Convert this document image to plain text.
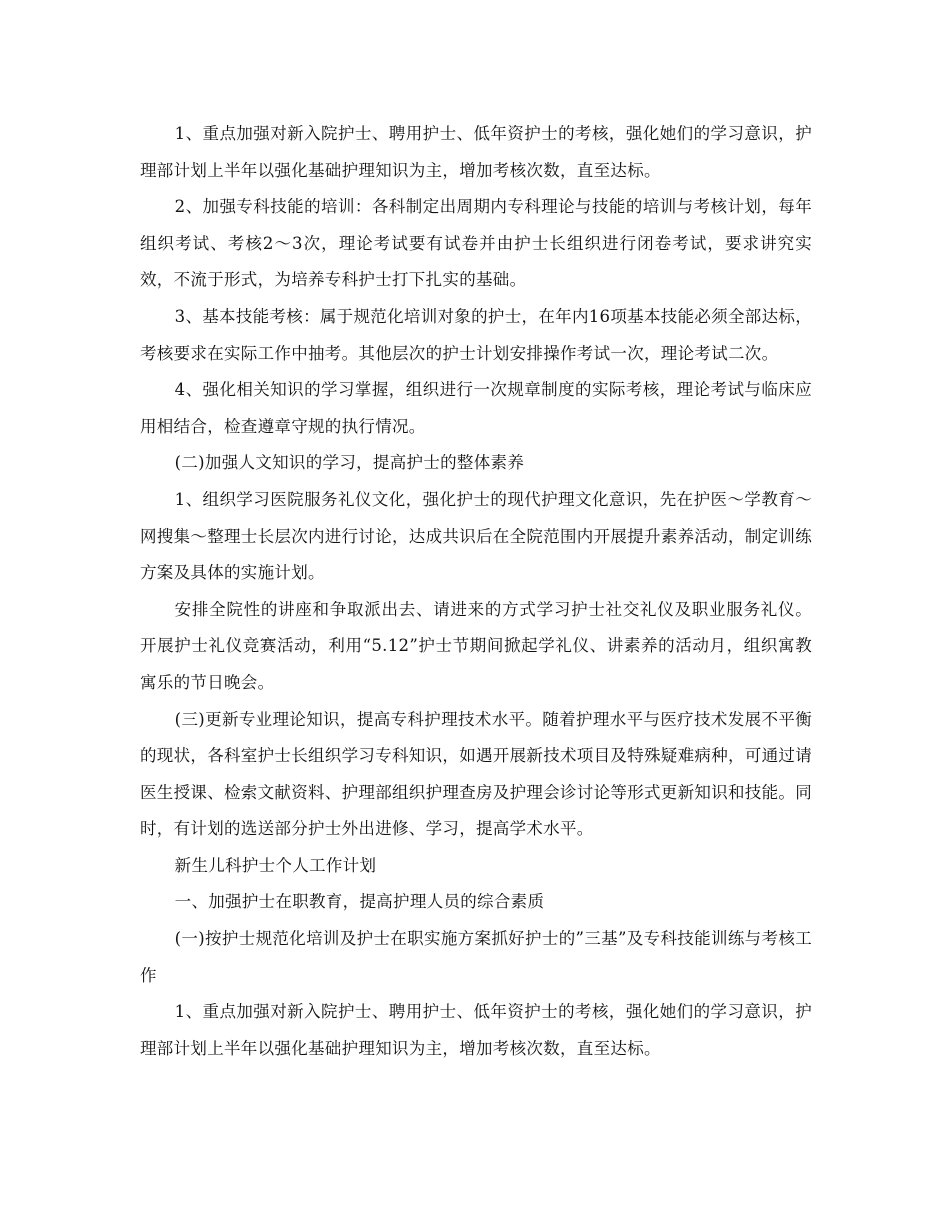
1、重点加强对新入院护士、聘用护士、低年资护士的考核，强化她们的学习意识，护理部计划上半年以强化基础护理知识为主，增加考核次数，直至达标。

2、加强专科技能的培训：各科制定出周期内专科理论与技能的培训与考核计划，每年组织考试、考核2～3次，理论考试要有试卷并由护士长组织进行闭卷考试，要求讲究实效，不流于形式，为培养专科护士打下扎实的基础。

3、基本技能考核：属于规范化培训对象的护士，在年内16项基本技能必须全部达标，考核要求在实际工作中抽考。其他层次的护士计划安排操作考试一次，理论考试二次。

4、强化相关知识的学习掌握，组织进行一次规章制度的实际考核，理论考试与临床应用相结合，检查遵章守规的执行情况。

(二)加强人文知识的学习，提高护士的整体素养

1、组织学习医院服务礼仪文化，强化护士的现代护理文化意识，先在护医～学教育～网搜集～整理士长层次内进行讨论，达成共识后在全院范围内开展提升素养活动，制定训练方案及具体的实施计划。

安排全院性的讲座和争取派出去、请进来的方式学习护士社交礼仪及职业服务礼仪。开展护士礼仪竞赛活动，利用“5.12”护士节期间掀起学礼仪、讲素养的活动月，组织寓教寓乐的节日晚会。

(三)更新专业理论知识，提高专科护理技术水平。随着护理水平与医疗技术发展不平衡的现状，各科室护士长组织学习专科知识，如遇开展新技术项目及特殊疑难病种，可通过请医生授课、检索文献资料、护理部组织护理查房及护理会诊讨论等形式更新知识和技能。同时，有计划的选送部分护士外出进修、学习，提高学术水平。

新生儿科护士个人工作计划

一、加强护士在职教育，提高护理人员的综合素质

(一)按护士规范化培训及护士在职实施方案抓好护士的”三基”及专科技能训练与考核工作

1、重点加强对新入院护士、聘用护士、低年资护士的考核，强化她们的学习意识，护理部计划上半年以强化基础护理知识为主，增加考核次数，直至达标。
